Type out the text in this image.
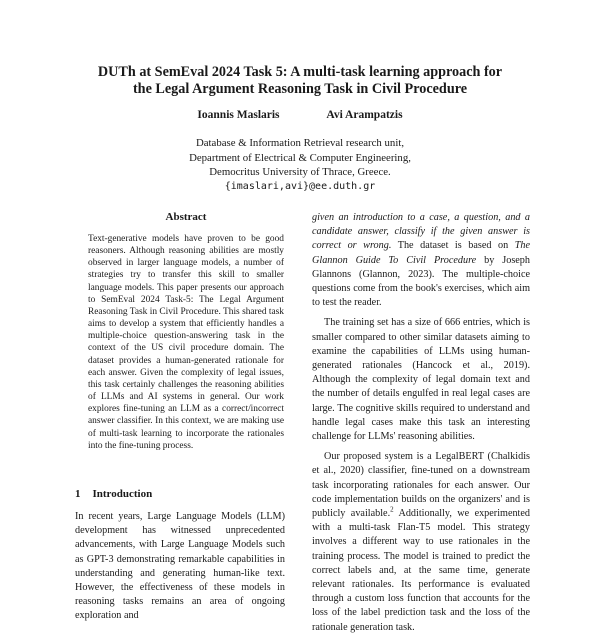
DUTh at SemEval 2024 Task 5: A multi-task learning approach for
the Legal Argument Reasoning Task in Civil Procedure
Ioannis Maslaris	Avi Arampatzis
Database & Information Retrieval research unit,
Department of Electrical & Computer Engineering,
Democritus University of Thrace, Greece.
{imaslari,avi}@ee.duth.gr
Abstract

Text-generative models have proven to be good reasoners. Although reasoning abilities are mostly observed in larger language models, a number of strategies try to transfer this skill to smaller language models. This paper presents our approach to SemEval 2024 Task-5: The Legal Argument Reasoning Task in Civil Procedure. This shared task aims to develop a system that efficiently handles a multiple-choice question-answering task in the context of the US civil procedure domain. The dataset provides a human-generated rationale for each answer. Given the complexity of legal issues, this task certainly challenges the reasoning abilities of LLMs and AI systems in general. Our work explores fine-tuning an LLM as a correct/incorrect answer classifier. In this context, we are making use of multi-task learning to incorporate the rationales into the fine-tuning process.

1 Introduction

In recent years, Large Language Models (LLM) development has witnessed unprecedented advancements, with Large Language Models such as GPT-3 demonstrating remarkable capabilities in understanding and generating human-like text. However, the effectiveness of these models in reasoning tasks remains an area of ongoing exploration and

given an introduction to a case, a question, and a candidate answer, classify if the given answer is correct or wrong. The dataset is based on The Glannon Guide To Civil Procedure by Joseph Glannons (Glannon, 2023). The multiple-choice questions come from the book's exercises, which aim to test the reader.

The training set has a size of 666 entries, which is smaller compared to other similar datasets aiming to examine the capabilities of LLMs using human-generated rationales (Hancock et al., 2019). Although the complexity of legal domain text and the number of details engulfed in real legal cases are large. The cognitive skills required to understand and handle legal cases make this task an interesting challenge for LLMs' reasoning abilities.

Our proposed system is a LegalBERT (Chalkidis et al., 2020) classifier, fine-tuned on a downstream task incorporating rationales for each answer. Our code implementation builds on the organizers' and is publicly available.$^2$ Additionally, we experimented with a multi-task Flan-T5 model. This strategy involves a different way to use rationales in the training process. The model is trained to predict the correct labels and, at the same time, generate relevant rationales. Its performance is evaluated through a custom loss function that accounts for the loss of the label prediction task and the loss of the rationale generation task.
